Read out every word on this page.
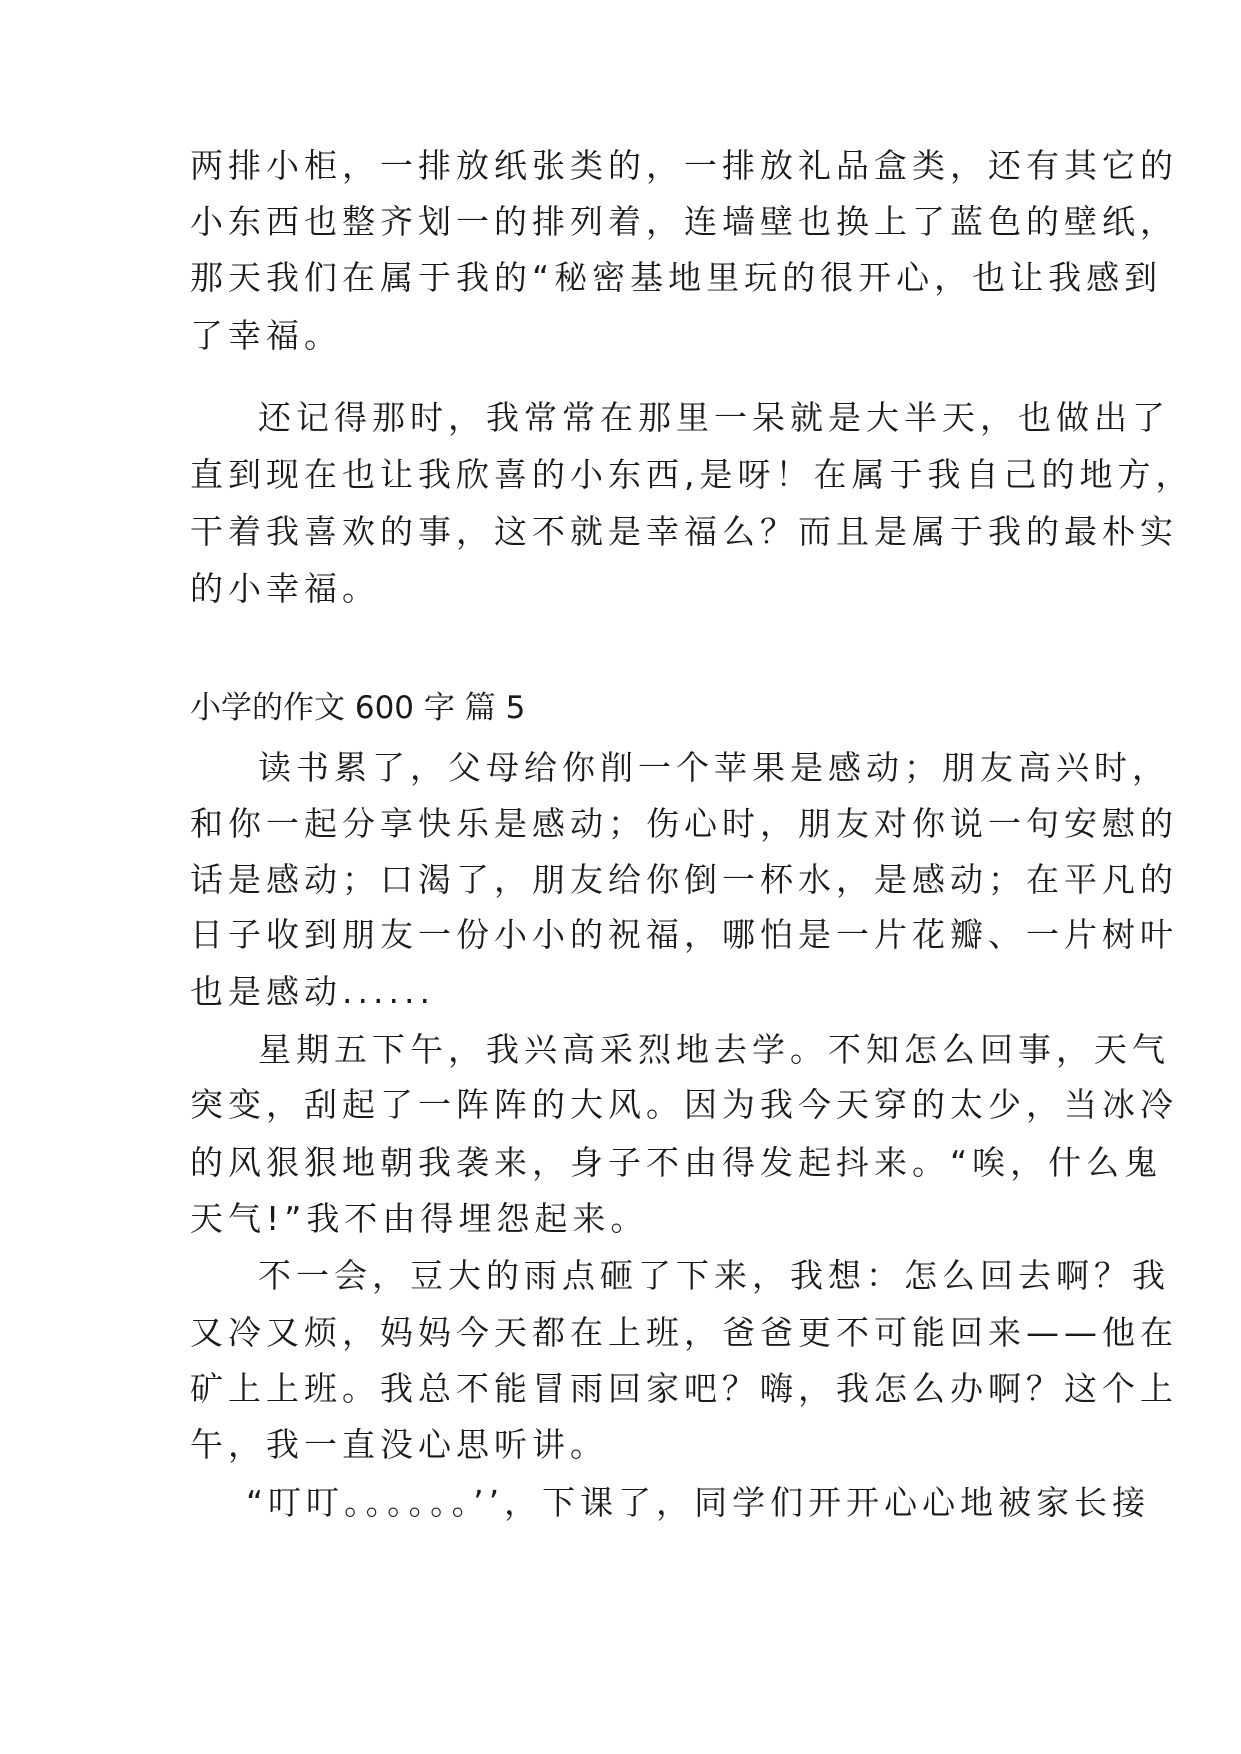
两排小柜，一排放纸张类的，一排放礼品盒类，还有其它的
小东西也整齐划一的排列着，连墙壁也换上了蓝色的壁纸，
那天我们在属于我的“秘密基地里玩的很开心，也让我感到
了幸福。
还记得那时，我常常在那里一呆就是大半天，也做出了
直到现在也让我欣喜的小东西,是呀！在属于我自己的地方，
干着我喜欢的事，这不就是幸福么？而且是属于我的最朴实
的小幸福。
小学的作文 600 字 篇 5
读书累了，父母给你削一个苹果是感动；朋友高兴时，
和你一起分享快乐是感动；伤心时，朋友对你说一句安慰的
话是感动；口渴了，朋友给你倒一杯水，是感动；在平凡的
日子收到朋友一份小小的祝福，哪怕是一片花瓣、一片树叶
也是感动......
星期五下午，我兴高采烈地去学。不知怎么回事，天气
突变，刮起了一阵阵的大风。因为我今天穿的太少，当冰冷
的风狠狠地朝我袭来，身子不由得发起抖来。“唉，什么鬼
天气!”我不由得埋怨起来。
不一会，豆大的雨点砸了下来，我想：怎么回去啊？我
又冷又烦，妈妈今天都在上班，爸爸更不可能回来——他在
矿上上班。我总不能冒雨回家吧？嗨，我怎么办啊？这个上
午，我一直没心思听讲。
“叮叮。。。。。。’’，下课了，同学们开开心心地被家长接
